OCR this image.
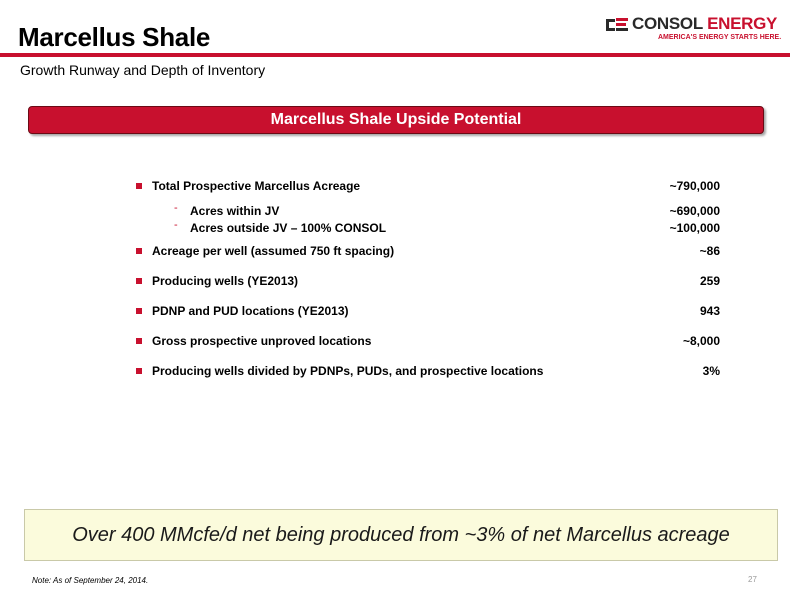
Marcellus Shale	CONSOL ENERGY
AMERICA'S ENERGY STARTS HERE.
Growth Runway and Depth of Inventory
Marcellus Shale Upside Potential
Total Prospective Marcellus Acreage	~790,000
- Acres within JV	~690,000
- Acres outside JV – 100% CONSOL	~100,000
Acreage per well (assumed 750 ft spacing)	~86
Producing wells (YE2013)	259
PDNP and PUD locations (YE2013)	943
Gross prospective unproved locations	~8,000
Producing wells divided by PDNPs, PUDs, and prospective locations	3%
Over 400 MMcfe/d net being produced from ~3% of net Marcellus acreage
Note: As of September 24, 2014.	27
